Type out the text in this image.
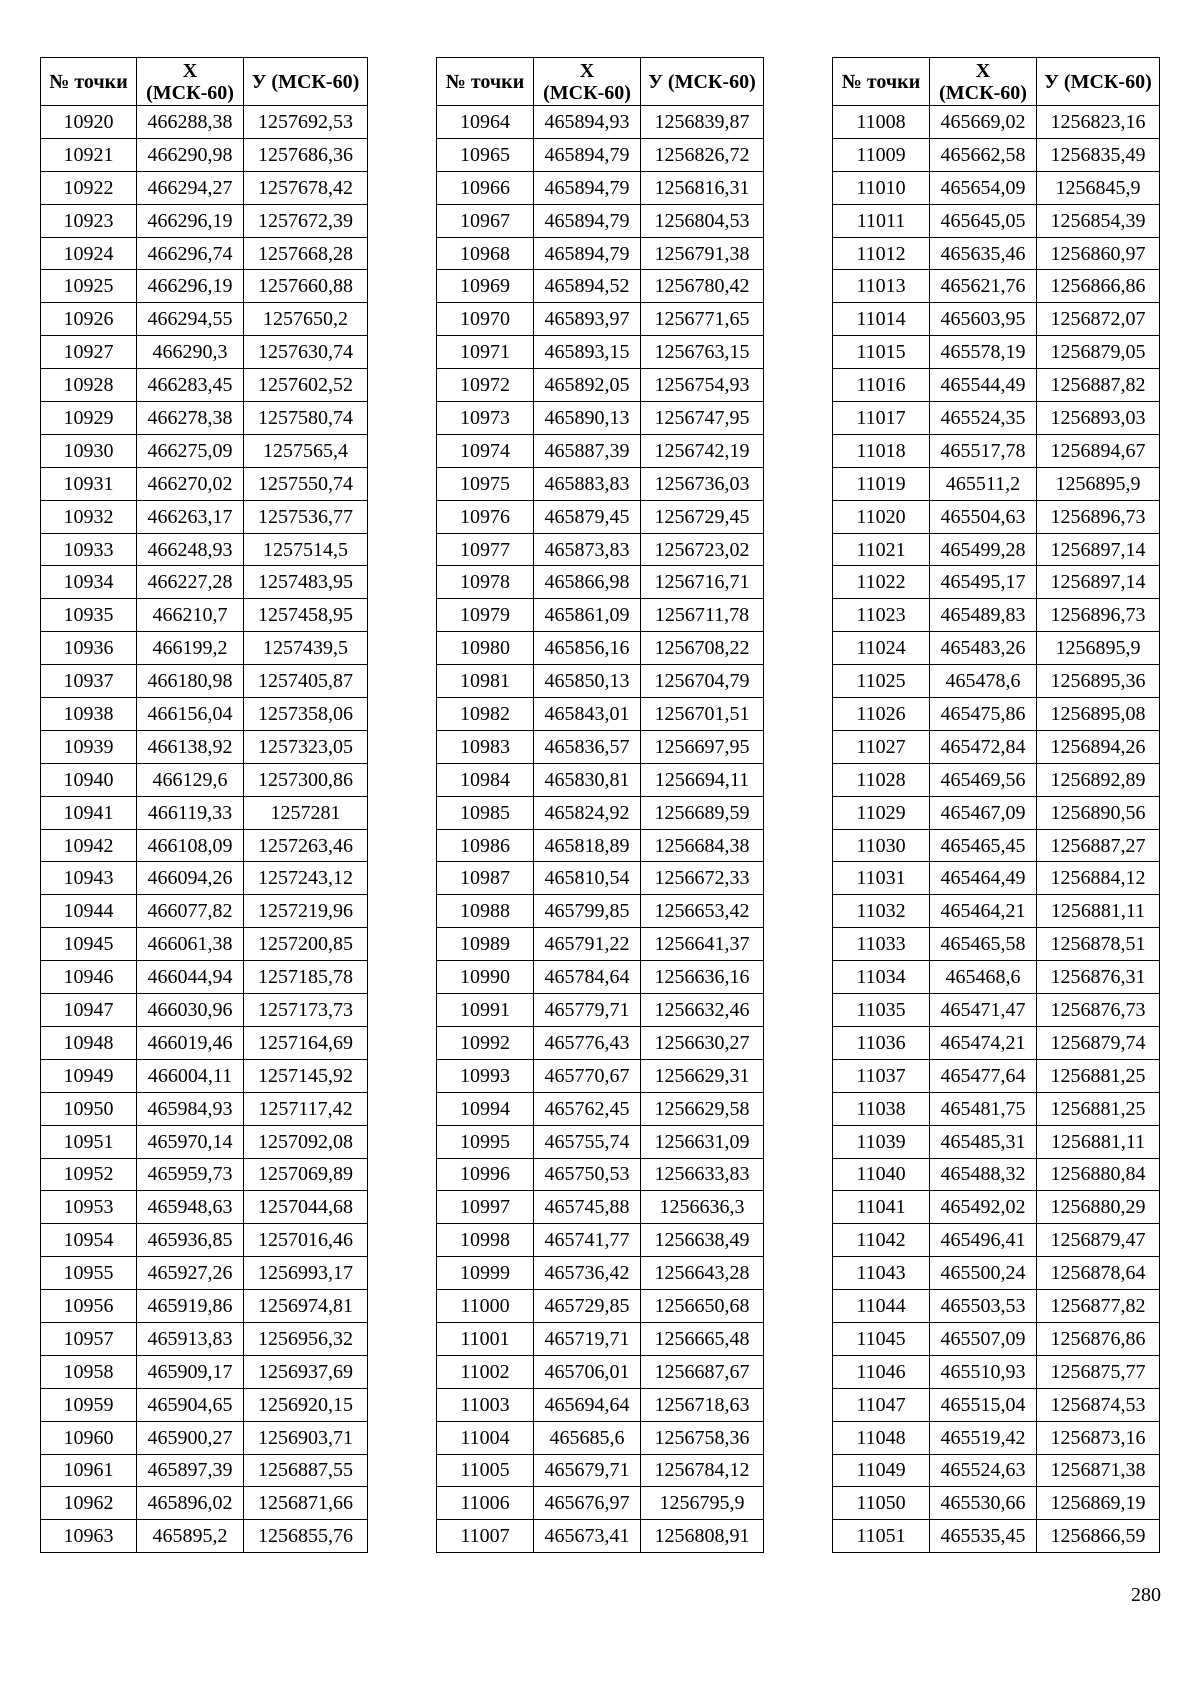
№ точки	Х (МСК-60)	У (МСК-60)
10920	466288,38	1257692,53
10921	466290,98	1257686,36
10922	466294,27	1257678,42
10923	466296,19	1257672,39
10924	466296,74	1257668,28
10925	466296,19	1257660,88
10926	466294,55	1257650,2
10927	466290,3	1257630,74
10928	466283,45	1257602,52
10929	466278,38	1257580,74
10930	466275,09	1257565,4
10931	466270,02	1257550,74
10932	466263,17	1257536,77
10933	466248,93	1257514,5
10934	466227,28	1257483,95
10935	466210,7	1257458,95
10936	466199,2	1257439,5
10937	466180,98	1257405,87
10938	466156,04	1257358,06
10939	466138,92	1257323,05
10940	466129,6	1257300,86
10941	466119,33	1257281
10942	466108,09	1257263,46
10943	466094,26	1257243,12
10944	466077,82	1257219,96
10945	466061,38	1257200,85
10946	466044,94	1257185,78
10947	466030,96	1257173,73
10948	466019,46	1257164,69
10949	466004,11	1257145,92
10950	465984,93	1257117,42
10951	465970,14	1257092,08
10952	465959,73	1257069,89
10953	465948,63	1257044,68
10954	465936,85	1257016,46
10955	465927,26	1256993,17
10956	465919,86	1256974,81
10957	465913,83	1256956,32
10958	465909,17	1256937,69
10959	465904,65	1256920,15
10960	465900,27	1256903,71
10961	465897,39	1256887,55
10962	465896,02	1256871,66
10963	465895,2	1256855,76
№ точки	Х (МСК-60)	У (МСК-60)
10964	465894,93	1256839,87
10965	465894,79	1256826,72
10966	465894,79	1256816,31
10967	465894,79	1256804,53
10968	465894,79	1256791,38
10969	465894,52	1256780,42
10970	465893,97	1256771,65
10971	465893,15	1256763,15
10972	465892,05	1256754,93
10973	465890,13	1256747,95
10974	465887,39	1256742,19
10975	465883,83	1256736,03
10976	465879,45	1256729,45
10977	465873,83	1256723,02
10978	465866,98	1256716,71
10979	465861,09	1256711,78
10980	465856,16	1256708,22
10981	465850,13	1256704,79
10982	465843,01	1256701,51
10983	465836,57	1256697,95
10984	465830,81	1256694,11
10985	465824,92	1256689,59
10986	465818,89	1256684,38
10987	465810,54	1256672,33
10988	465799,85	1256653,42
10989	465791,22	1256641,37
10990	465784,64	1256636,16
10991	465779,71	1256632,46
10992	465776,43	1256630,27
10993	465770,67	1256629,31
10994	465762,45	1256629,58
10995	465755,74	1256631,09
10996	465750,53	1256633,83
10997	465745,88	1256636,3
10998	465741,77	1256638,49
10999	465736,42	1256643,28
11000	465729,85	1256650,68
11001	465719,71	1256665,48
11002	465706,01	1256687,67
11003	465694,64	1256718,63
11004	465685,6	1256758,36
11005	465679,71	1256784,12
11006	465676,97	1256795,9
11007	465673,41	1256808,91
№ точки	Х (МСК-60)	У (МСК-60)
11008	465669,02	1256823,16
11009	465662,58	1256835,49
11010	465654,09	1256845,9
11011	465645,05	1256854,39
11012	465635,46	1256860,97
11013	465621,76	1256866,86
11014	465603,95	1256872,07
11015	465578,19	1256879,05
11016	465544,49	1256887,82
11017	465524,35	1256893,03
11018	465517,78	1256894,67
11019	465511,2	1256895,9
11020	465504,63	1256896,73
11021	465499,28	1256897,14
11022	465495,17	1256897,14
11023	465489,83	1256896,73
11024	465483,26	1256895,9
11025	465478,6	1256895,36
11026	465475,86	1256895,08
11027	465472,84	1256894,26
11028	465469,56	1256892,89
11029	465467,09	1256890,56
11030	465465,45	1256887,27
11031	465464,49	1256884,12
11032	465464,21	1256881,11
11033	465465,58	1256878,51
11034	465468,6	1256876,31
11035	465471,47	1256876,73
11036	465474,21	1256879,74
11037	465477,64	1256881,25
11038	465481,75	1256881,25
11039	465485,31	1256881,11
11040	465488,32	1256880,84
11041	465492,02	1256880,29
11042	465496,41	1256879,47
11043	465500,24	1256878,64
11044	465503,53	1256877,82
11045	465507,09	1256876,86
11046	465510,93	1256875,77
11047	465515,04	1256874,53
11048	465519,42	1256873,16
11049	465524,63	1256871,38
11050	465530,66	1256869,19
11051	465535,45	1256866,59
280
